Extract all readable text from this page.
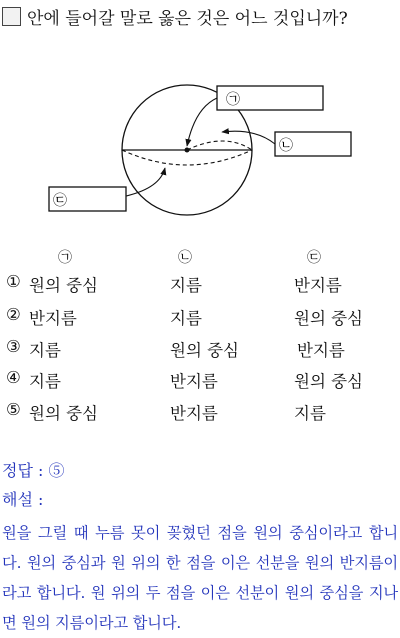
안에 들어갈 말로 옳은 것은 어느 것입니까?
㉠
㉡
㉢
㉠	㉡	㉢
① 원의 중심	지름	반지름
② 반지름	지름	원의 중심
③ 지름	원의 중심	반지름
④ 지름	반지름	원의 중심
⑤ 원의 중심	반지름	지름
정답 : ⑤
해설 :
원을 그릴 때 누름 못이 꽂혔던 점을 원의 중심이라고 합니다. 원의 중심과 원 위의 한 점을 이은 선분을 원의 반지름이라고 합니다. 원 위의 두 점을 이은 선분이 원의 중심을 지나면 원의 지름이라고 합니다.
